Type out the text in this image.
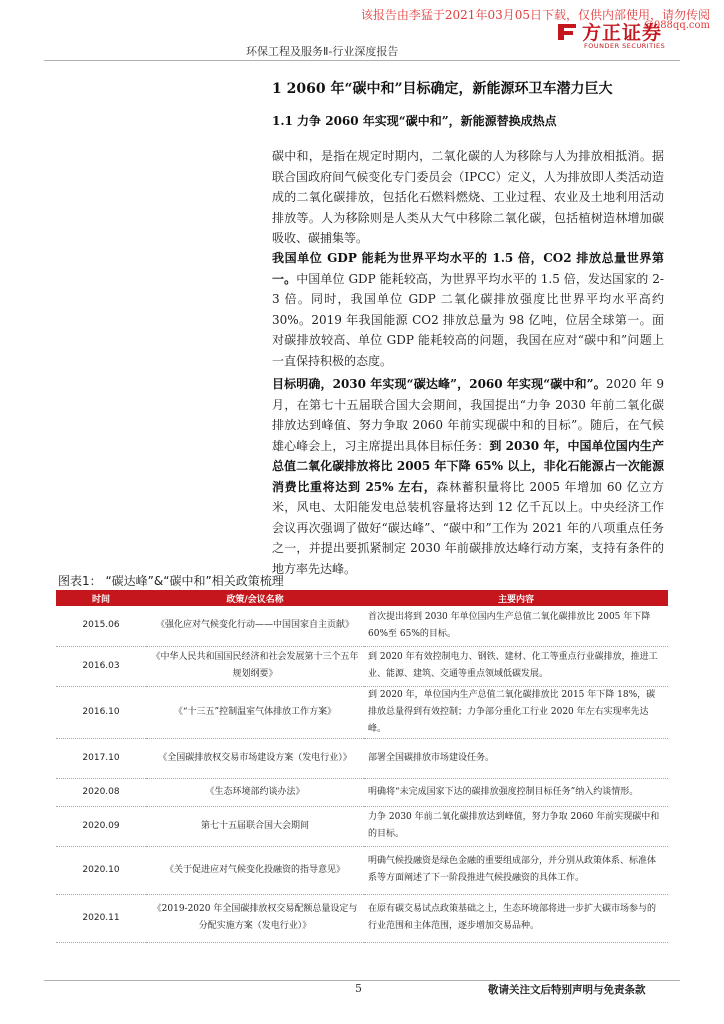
该报告由李猛于2021年03月05日下载，仅供内部使用，请勿传阅
@088qq.com
方正证券
FOUNDER SECURITIES
环保工程及服务Ⅱ-行业深度报告
1 2060 年“碳中和”目标确定，新能源环卫车潜力巨大
1.1 力争 2060 年实现“碳中和”，新能源替换成热点
碳中和，是指在规定时期内，二氧化碳的人为移除与人为排放相抵消。据联合国政府间气候变化专门委员会（IPCC）定义，人为排放即人类活动造成的二氧化碳排放，包括化石燃料燃烧、工业过程、农业及土地利用活动排放等。人为移除则是人类从大气中移除二氧化碳，包括植树造林增加碳吸收、碳捕集等。
我国单位 GDP 能耗为世界平均水平的 1.5 倍，CO2 排放总量世界第一。中国单位 GDP 能耗较高，为世界平均水平的 1.5 倍，发达国家的 2-3 倍。同时，我国单位 GDP 二氧化碳排放强度比世界平均水平高约 30%。2019 年我国能源 CO2 排放总量为 98 亿吨，位居全球第一。面对碳排放较高、单位 GDP 能耗较高的问题，我国在应对“碳中和”问题上一直保持积极的态度。
目标明确，2030 年实现“碳达峰”，2060 年实现“碳中和”。2020 年 9 月，在第七十五届联合国大会期间，我国提出“力争 2030 年前二氧化碳排放达到峰值、努力争取 2060 年前实现碳中和的目标”。随后，在气候雄心峰会上，习主席提出具体目标任务：到 2030 年，中国单位国内生产总值二氧化碳排放将比 2005 年下降 65% 以上，非化石能源占一次能源消费比重将达到 25% 左右，森林蓄积量将比 2005 年增加 60 亿立方米，风电、太阳能发电总装机容量将达到 12 亿千瓦以上。中央经济工作会议再次强调了做好“碳达峰”、“碳中和”工作为 2021 年的八项重点任务之一，并提出要抓紧制定 2030 年前碳排放达峰行动方案，支持有条件的地方率先达峰。
图表1： “碳达峰”&“碳中和”相关政策梳理
时间	政策/会议名称	主要内容
2015.06	《强化应对气候变化行动——中国国家自主贡献》	首次提出将到 2030 年单位国内生产总值二氧化碳排放比 2005 年下降 60%至 65%的目标。
2016.03	《中华人民共和国国民经济和社会发展第十三个五年规划纲要》	到 2020 年有效控制电力、钢铁、建材、化工等重点行业碳排放，推进工业、能源、建筑、交通等重点领域低碳发展。
2016.10	《“十三五”控制温室气体排放工作方案》	到 2020 年，单位国内生产总值二氧化碳排放比 2015 年下降 18%，碳排放总量得到有效控制；力争部分重化工行业 2020 年左右实现率先达峰。
2017.10	《全国碳排放权交易市场建设方案（发电行业）》	部署全国碳排放市场建设任务。
2020.08	《生态环境部约谈办法》	明确将“未完成国家下达的碳排放强度控制目标任务”纳入约谈情形。
2020.09	第七十五届联合国大会期间	力争 2030 年前二氧化碳排放达到峰值，努力争取 2060 年前实现碳中和的目标。
2020.10	《关于促进应对气候变化投融资的指导意见》	明确气候投融资是绿色金融的重要组成部分，并分别从政策体系、标准体系等方面阐述了下一阶段推进气候投融资的具体工作。
2020.11	《2019-2020 年全国碳排放权交易配额总量设定与分配实施方案（发电行业）》	在原有碳交易试点政策基础之上，生态环境部将进一步扩大碳市场参与的行业范围和主体范围，逐步增加交易品种。
5	敬请关注文后特别声明与免责条款
